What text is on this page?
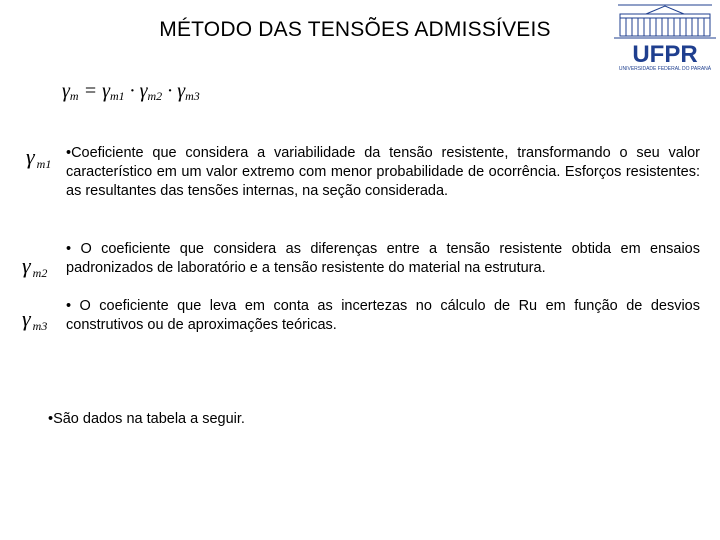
MÉTODO DAS TENSÕES ADMISSÍVEIS
UFPR
UNIVERSIDADE FEDERAL DO PARANÁ
$\gamma_m = \gamma_{m1} \cdot \gamma_{m2} \cdot \gamma_{m3}$
γ $_{m1}$
•Coeficiente que considera a variabilidade da tensão resistente, transformando o seu valor característico em um valor extremo com menor probabilidade de ocorrência. Esforços resistentes: as resultantes das tensões internas, na seção considerada.
γ $_{m2}$
• O coeficiente que considera as diferenças entre a tensão resistente obtida em ensaios padronizados de laboratório e a tensão resistente do material na estrutura.
γ $_{m3}$
• O coeficiente que leva em conta as incertezas no cálculo de Ru em função de desvios construtivos ou de aproximações teóricas.
•São dados na tabela a seguir.
